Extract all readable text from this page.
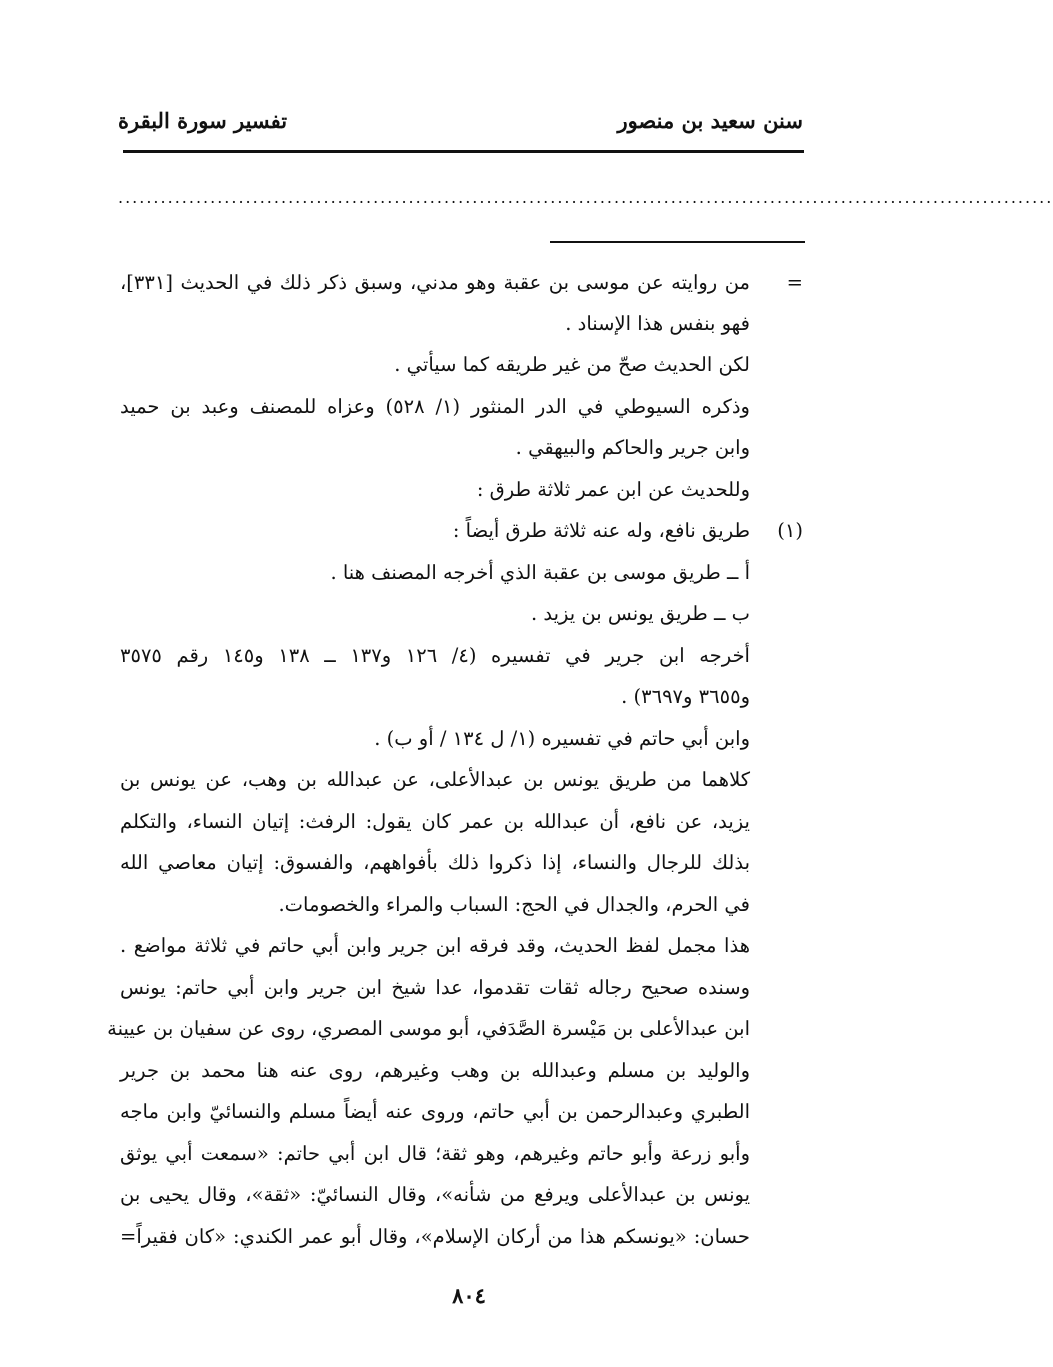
سنن سعيد بن منصور
تفسير سورة البقرة
....................................................................................................................................
=
(١)
من روايته عن موسى بن عقبة وهو مدني، وسبق ذكر ذلك في الحديث [٣٣١]،
فهو بنفس هذا الإسناد .
لكن الحديث صحّ من غير طريقه كما سيأتي .
وذكره السيوطي في الدر المنثور (١/ ٥٢٨) وعزاه للمصنف وعبد بن حميد
وابن جرير والحاكم والبيهقي .
وللحديث عن ابن عمر ثلاثة طرق :
طريق نافع، وله عنه ثلاثة طرق أيضاً :
أ ــ طريق موسى بن عقبة الذي أخرجه المصنف هنا .
ب ــ طريق يونس بن يزيد .
أخرجه ابن جرير في تفسيره (٤/ ١٢٦ و١٣٧ ــ ١٣٨ و١٤٥ رقم ٣٥٧٥
و٣٦٥٥ و٣٦٩٧) .
وابن أبي حاتم في تفسيره (١/ ل ١٣٤ / أو ب) .
كلاهما من طريق يونس بن عبدالأعلى، عن عبدالله بن وهب، عن يونس بن
يزيد، عن نافع، أن عبدالله بن عمر كان يقول: الرفث: إتيان النساء، والتكلم
بذلك للرجال والنساء، إذا ذكروا ذلك بأفواههم، والفسوق: إتيان معاصي الله
في الحرم، والجدال في الحج: السباب والمراء والخصومات.
هذا مجمل لفظ الحديث، وقد فرقه ابن جرير وابن أبي حاتم في ثلاثة مواضع .
وسنده صحيح رجاله ثقات تقدموا، عدا شيخ ابن جرير وابن أبي حاتم: يونس
ابن عبدالأعلى بن مَيْسرة الصَّدَفي، أبو موسى المصري، روى عن سفيان بن عيينة
والوليد بن مسلم وعبدالله بن وهب وغيرهم، روى عنه هنا محمد بن جرير
الطبري وعبدالرحمن بن أبي حاتم، وروى عنه أيضاً مسلم والنسائيّ وابن ماجه
وأبو زرعة وأبو حاتم وغيرهم، وهو ثقة؛ قال ابن أبي حاتم: «سمعت أبي يوثق
يونس بن عبدالأعلى ويرفع من شأنه»، وقال النسائيّ: «ثقة»، وقال يحيى بن
حسان: «يونسكم هذا من أركان الإسلام»، وقال أبو عمر الكندي: «كان فقيراً=
٨٠٤
